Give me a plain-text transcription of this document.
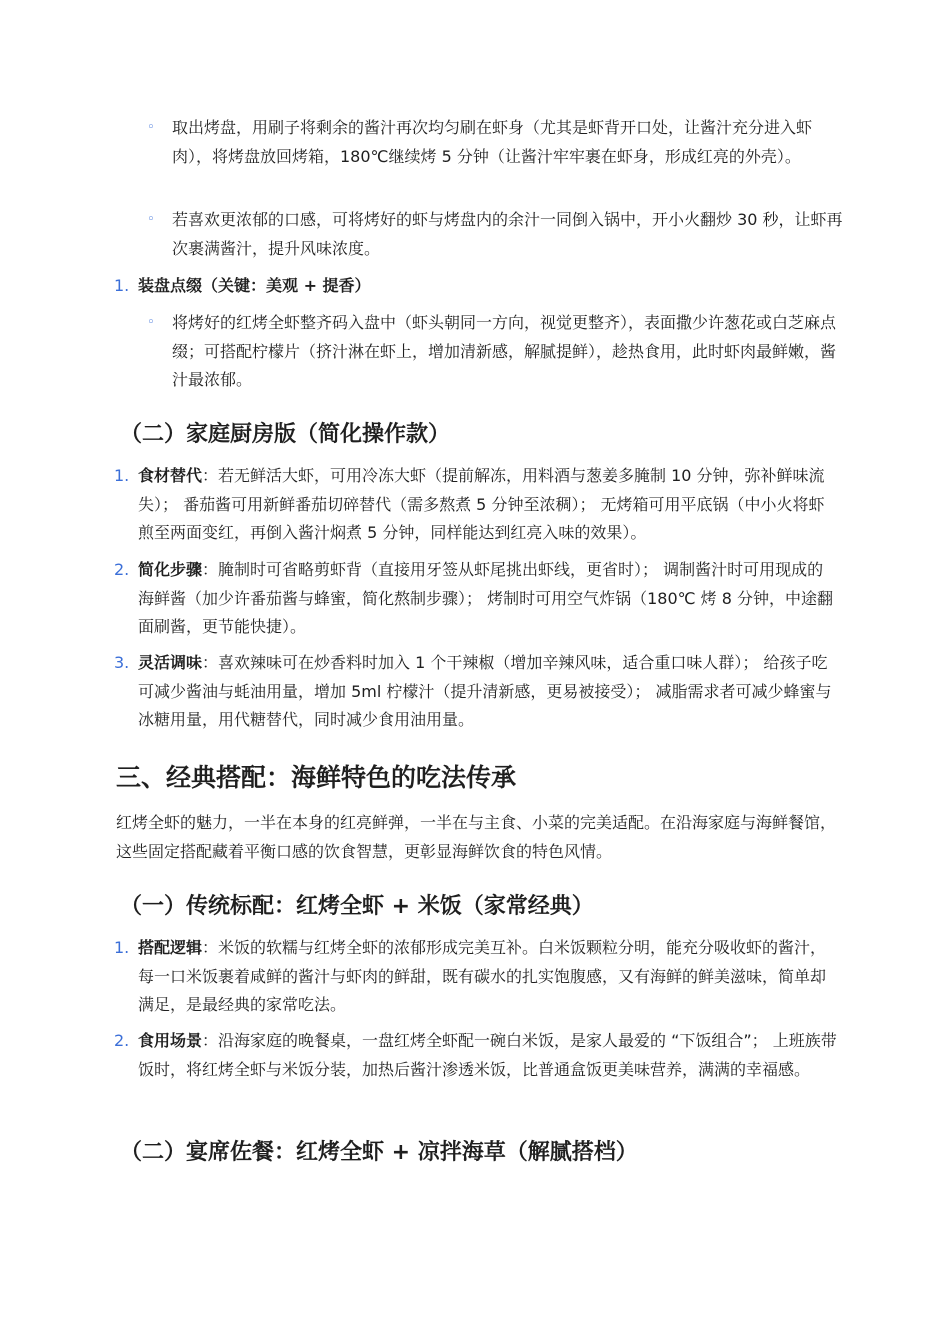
◦ 取出烤盘，用刷子将剩余的酱汁再次均匀刷在虾身（尤其是虾背开口处，让酱汁充分进入虾肉），将烤盘放回烤箱，180℃继续烤 5 分钟（让酱汁牢牢裹在虾身，形成红亮的外壳）。
◦ 若喜欢更浓郁的口感，可将烤好的虾与烤盘内的余汁一同倒入锅中，开小火翻炒 30 秒，让虾再次裹满酱汁，提升风味浓度。
1. 装盘点缀（关键：美观 + 提香）
◦ 将烤好的红烤全虾整齐码入盘中（虾头朝同一方向，视觉更整齐），表面撒少许葱花或白芝麻点缀；可搭配柠檬片（挤汁淋在虾上，增加清新感，解腻提鲜），趁热食用，此时虾肉最鲜嫩，酱汁最浓郁。
（二）家庭厨房版（简化操作款）
1. 食材替代：若无鲜活大虾，可用冷冻大虾（提前解冻，用料酒与葱姜多腌制 10 分钟，弥补鲜味流失）； 番茄酱可用新鲜番茄切碎替代（需多熬煮 5 分钟至浓稠）； 无烤箱可用平底锅（中小火将虾煎至两面变红，再倒入酱汁焖煮 5 分钟，同样能达到红亮入味的效果）。
2. 简化步骤：腌制时可省略剪虾背（直接用牙签从虾尾挑出虾线，更省时）； 调制酱汁时可用现成的海鲜酱（加少许番茄酱与蜂蜜，简化熬制步骤）； 烤制时可用空气炸锅（180℃ 烤 8 分钟，中途翻面刷酱，更节能快捷）。
3. 灵活调味：喜欢辣味可在炒香料时加入 1 个干辣椒（增加辛辣风味，适合重口味人群）； 给孩子吃可减少酱油与蚝油用量，增加 5ml 柠檬汁（提升清新感，更易被接受）； 减脂需求者可减少蜂蜜与冰糖用量，用代糖替代，同时减少食用油用量。
三、经典搭配：海鲜特色的吃法传承
红烤全虾的魅力，一半在本身的红亮鲜弹，一半在与主食、小菜的完美适配。在沿海家庭与海鲜餐馆，这些固定搭配藏着平衡口感的饮食智慧，更彰显海鲜饮食的特色风情。
（一）传统标配：红烤全虾 + 米饭（家常经典）
1. 搭配逻辑：米饭的软糯与红烤全虾的浓郁形成完美互补。白米饭颗粒分明，能充分吸收虾的酱汁，每一口米饭裹着咸鲜的酱汁与虾肉的鲜甜，既有碳水的扎实饱腹感，又有海鲜的鲜美滋味，简单却满足，是最经典的家常吃法。
2. 食用场景：沿海家庭的晚餐桌，一盘红烤全虾配一碗白米饭，是家人最爱的 “下饭组合”； 上班族带饭时，将红烤全虾与米饭分装，加热后酱汁渗透米饭，比普通盒饭更美味营养，满满的幸福感。
（二）宴席佐餐：红烤全虾 + 凉拌海草（解腻搭档）
